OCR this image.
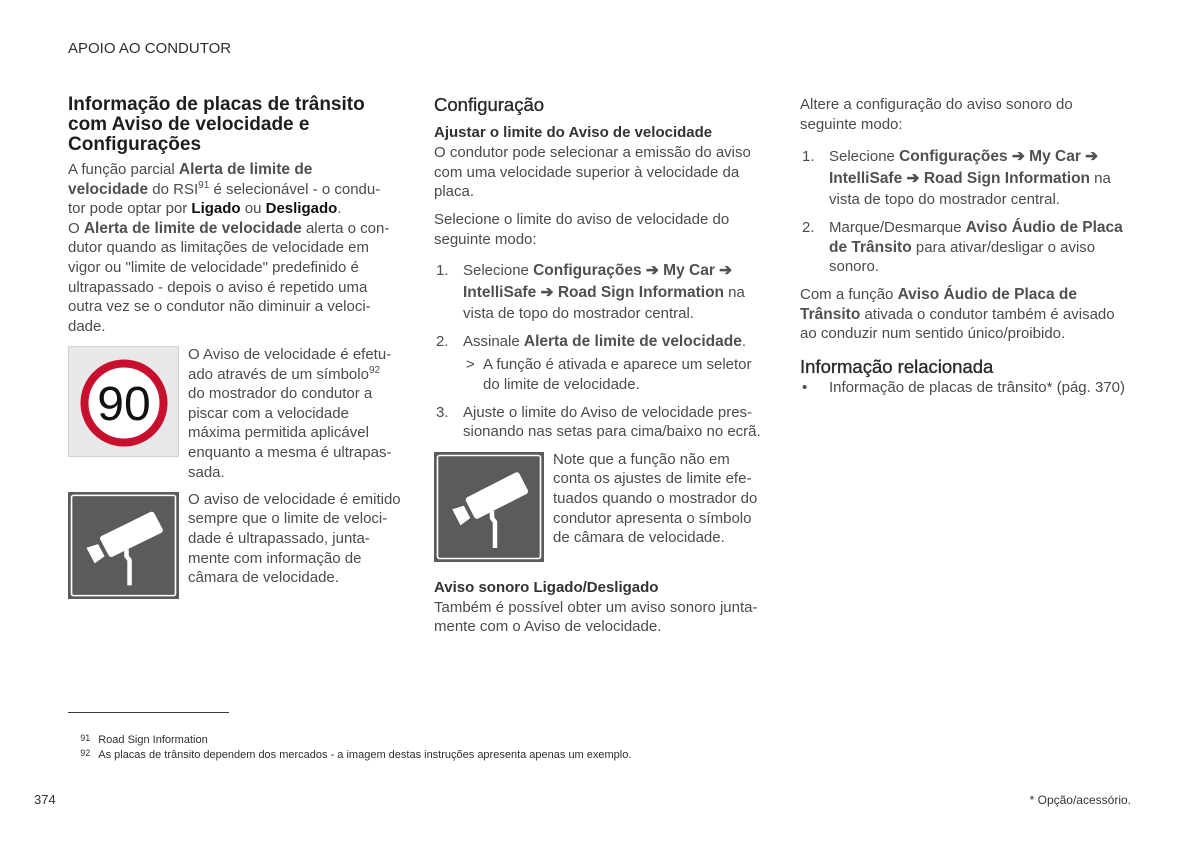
APOIO AO CONDUTOR
Informação de placas de trânsito
com Aviso de velocidade e
Configurações
A função parcial Alerta de limite de
velocidade do RSI$^{91}$ é selecionável - o condu-
tor pode optar por Ligado ou Desligado.
O Alerta de limite de velocidade alerta o con-
dutor quando as limitações de velocidade em
vigor ou "limite de velocidade" predefinido é
ultrapassado - depois o aviso é repetido uma
outra vez se o condutor não diminuir a veloci-
dade.
90
O Aviso de velocidade é efetu-
ado através de um símbolo$^{92}$
do mostrador do condutor a
piscar com a velocidade
máxima permitida aplicável
enquanto a mesma é ultrapas-
sada.
O aviso de velocidade é emitido
sempre que o limite de veloci-
dade é ultrapassado, junta-
mente com informação de
câmara de velocidade.
Configuração
Ajustar o limite do Aviso de velocidade
O condutor pode selecionar a emissão do aviso
com uma velocidade superior à velocidade da
placa.
Selecione o limite do aviso de velocidade do
seguinte modo:
1. Selecione Configurações ➔ My Car ➔
IntelliSafe ➔ Road Sign Information na
vista de topo do mostrador central.
2. Assinale Alerta de limite de velocidade.
> A função é ativada e aparece um seletor
do limite de velocidade.
3. Ajuste o limite do Aviso de velocidade pres-
sionando nas setas para cima/baixo no ecrã.
Note que a função não em
conta os ajustes de limite efe-
tuados quando o mostrador do
condutor apresenta o símbolo
de câmara de velocidade.
Aviso sonoro Ligado/Desligado
Também é possível obter um aviso sonoro junta-
mente com o Aviso de velocidade.
Altere a configuração do aviso sonoro do
seguinte modo:
1. Selecione Configurações ➔ My Car ➔
IntelliSafe ➔ Road Sign Information na
vista de topo do mostrador central.
2. Marque/Desmarque Aviso Áudio de Placa
de Trânsito para ativar/desligar o aviso
sonoro.
Com a função Aviso Áudio de Placa de
Trânsito ativada o condutor também é avisado
ao conduzir num sentido único/proibido.
Informação relacionada
•	Informação de placas de trânsito* (pág. 370)

91 Road Sign Information

92 As placas de trânsito dependem dos mercados - a imagem destas instruções apresenta apenas um exemplo.

374	* Opção/acessório.
